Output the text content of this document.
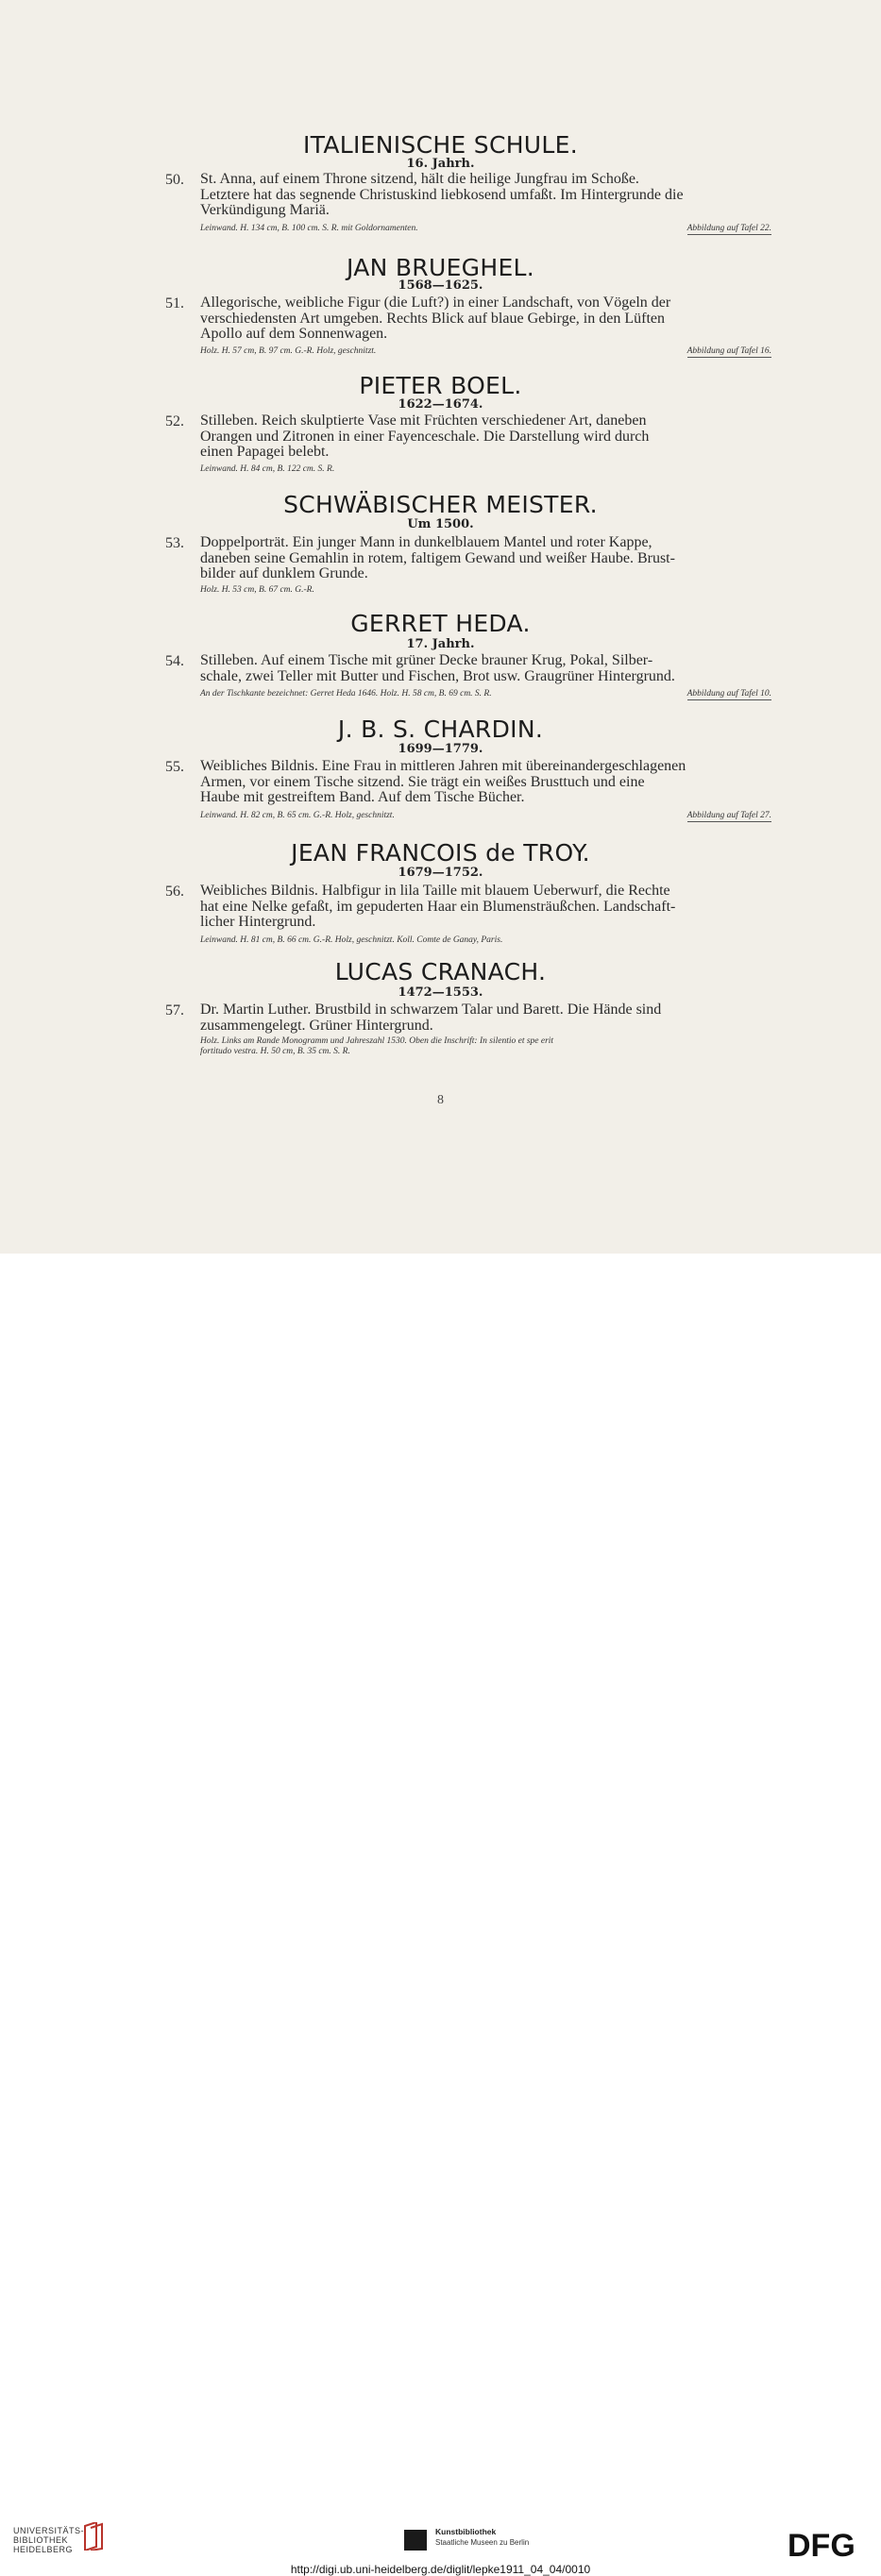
ITALIENISCHE SCHULE.
16. Jahrh.
50. St. Anna, auf einem Throne sitzend, hält die heilige Jungfrau im Schoße.
Letztere hat das segnende Christuskind liebkosend umfaßt. Im Hintergrunde die
Verkündigung Mariä.
Leinwand. H. 134 cm, B. 100 cm. S. R. mit Goldornamenten.	Abbildung auf Tafel 22.
JAN BRUEGHEL.
1568—1625.
51. Allegorische, weibliche Figur (die Luft?) in einer Landschaft, von Vögeln der
verschiedensten Art umgeben. Rechts Blick auf blaue Gebirge, in den Lüften
Apollo auf dem Sonnenwagen.
Holz. H. 57 cm, B. 97 cm. G.-R. Holz, geschnitzt.	Abbildung auf Tafel 16.
PIETER BOEL.
1622—1674.
52. Stilleben. Reich skulptierte Vase mit Früchten verschiedener Art, daneben
Orangen und Zitronen in einer Fayenceschale. Die Darstellung wird durch
einen Papagei belebt.
Leinwand. H. 84 cm, B. 122 cm. S. R.
SCHWÄBISCHER MEISTER.
Um 1500.
53. Doppelporträt. Ein junger Mann in dunkelblauem Mantel und roter Kappe,
daneben seine Gemahlin in rotem, faltigem Gewand und weißer Haube. Brust-
bilder auf dunklem Grunde.
Holz. H. 53 cm, B. 67 cm. G.-R.
GERRET HEDA.
17. Jahrh.
54. Stilleben. Auf einem Tische mit grüner Decke brauner Krug, Pokal, Silber-
schale, zwei Teller mit Butter und Fischen, Brot usw. Graugrüner Hintergrund.
An der Tischkante bezeichnet: Gerret Heda 1646. Holz. H. 58 cm, B. 69 cm. S. R.	Abbildung auf Tafel 10.
J. B. S. CHARDIN.
1699—1779.
55. Weibliches Bildnis. Eine Frau in mittleren Jahren mit übereinandergeschlagenen
Armen, vor einem Tische sitzend. Sie trägt ein weißes Brusttuch und eine
Haube mit gestreiftem Band. Auf dem Tische Bücher.
Leinwand. H. 82 cm, B. 65 cm. G.-R. Holz, geschnitzt.	Abbildung auf Tafel 27.
JEAN FRANCOIS de TROY.
1679—1752.
56. Weibliches Bildnis. Halbfigur in lila Taille mit blauem Ueberwurf, die Rechte
hat eine Nelke gefaßt, im gepuderten Haar ein Blumensträußchen. Landschaft-
licher Hintergrund.
Leinwand. H. 81 cm, B. 66 cm. G.-R. Holz, geschnitzt. Koll. Comte de Ganay, Paris.
LUCAS CRANACH.
1472—1553.
57. Dr. Martin Luther. Brustbild in schwarzem Talar und Barett. Die Hände sind
zusammengelegt. Grüner Hintergrund.
Holz. Links am Rande Monogramm und Jahreszahl 1530. Oben die Inschrift: In silentio et spe erit
fortitudo vestra. H. 50 cm, B. 35 cm. S. R.
8
UNIVERSITÄTS-
BIBLIOTHEK
HEIDELBERG
Kunstbibliothek
Staatliche Museen zu Berlin	DFG
http://digi.ub.uni-heidelberg.de/diglit/lepke1911_04_04/0010
